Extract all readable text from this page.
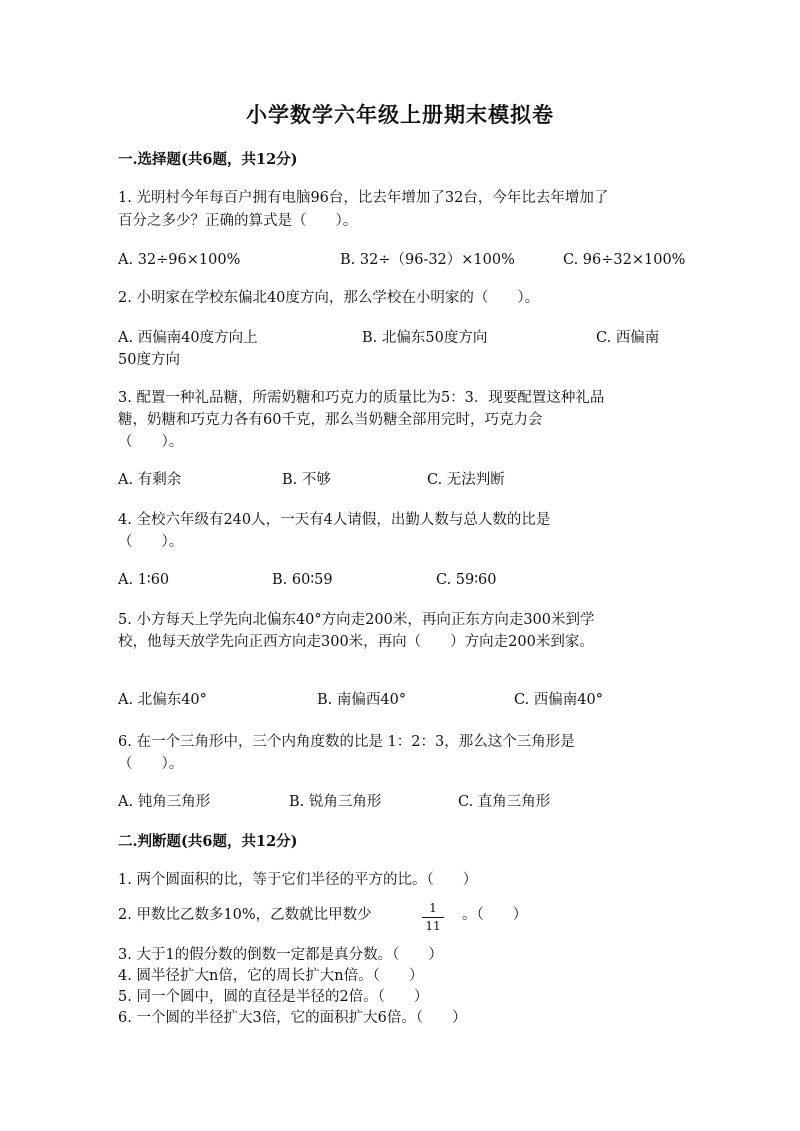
小学数学六年级上册期末模拟卷
一.选择题(共6题，共12分)
1. 光明村今年每百户拥有电脑96台，比去年增加了32台，今年比去年增加了
百分之多少？正确的算式是（　　）。
A. 32÷96×100%	B. 32÷（96-32）×100%	C. 96÷32×100%
2. 小明家在学校东偏北40度方向，那么学校在小明家的（　　）。
A. 西偏南40度方向上	B. 北偏东50度方向	C. 西偏南
50度方向
3. 配置一种礼品糖，所需奶糖和巧克力的质量比为5：3．现要配置这种礼品
糖，奶糖和巧克力各有60千克，那么当奶糖全部用完时，巧克力会
（　　）。
A. 有剩余	B. 不够	C. 无法判断
4. 全校六年级有240人，一天有4人请假，出勤人数与总人数的比是
（　　）。
A. 1∶60	B. 60∶59	C. 59∶60
5. 小方每天上学先向北偏东40°方向走200米，再向正东方向走300米到学
校，他每天放学先向正西方向走300米，再向（　　）方向走200米到家。
A. 北偏东40°	B. 南偏西40°	C. 西偏南40°
6. 在一个三角形中，三个内角度数的比是 1：2：3，那么这个三角形是
（　　）。
A. 钝角三角形	B. 锐角三角形	C. 直角三角形
二.判断题(共6题，共12分)
1. 两个圆面积的比，等于它们半径的平方的比。（　　）
2. 甲数比乙数多10%，乙数就比甲数少	$\frac{1}{11}$ 。（　　）
3. 大于1的假分数的倒数一定都是真分数。（　　）
4. 圆半径扩大n倍，它的周长扩大n倍。（　　）
5. 同一个圆中，圆的直径是半径的2倍。（　　）
6. 一个圆的半径扩大3倍，它的面积扩大6倍。（　　）
